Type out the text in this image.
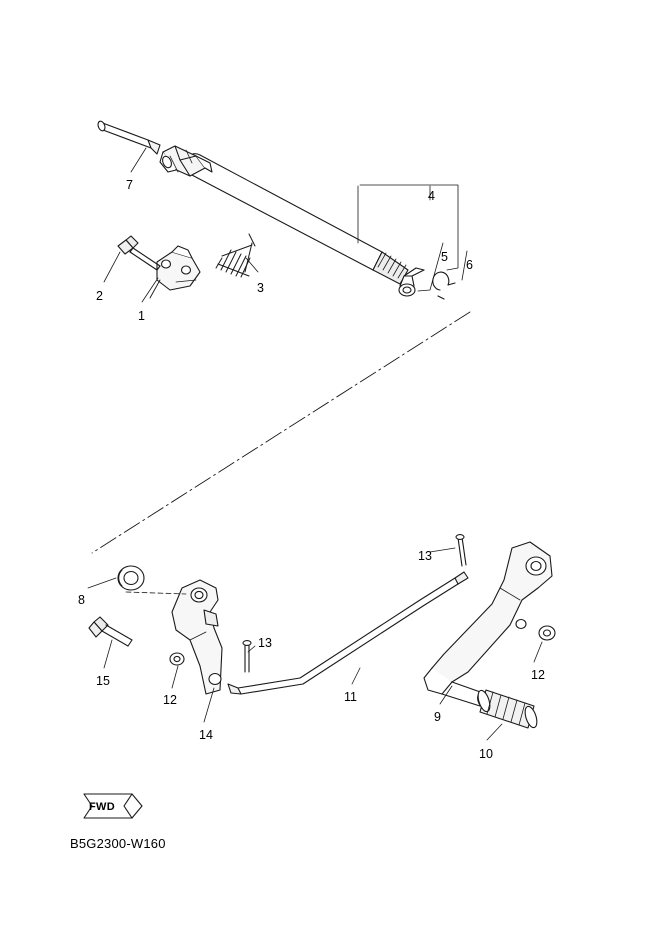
FWD
B5G2300-W160
1
2
3
4
5
6
7
8
9
10
11
12
12
13
13
14
15
